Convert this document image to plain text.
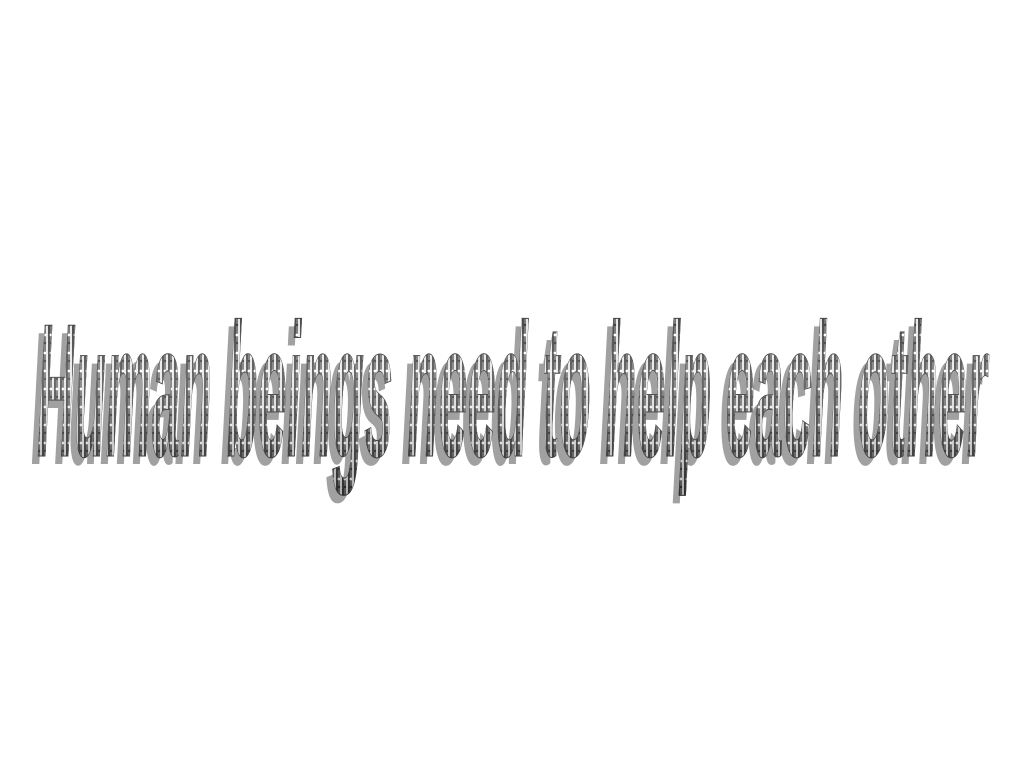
Human beings need to help each other
Human beings need to help each other
Human beings need to help each other
